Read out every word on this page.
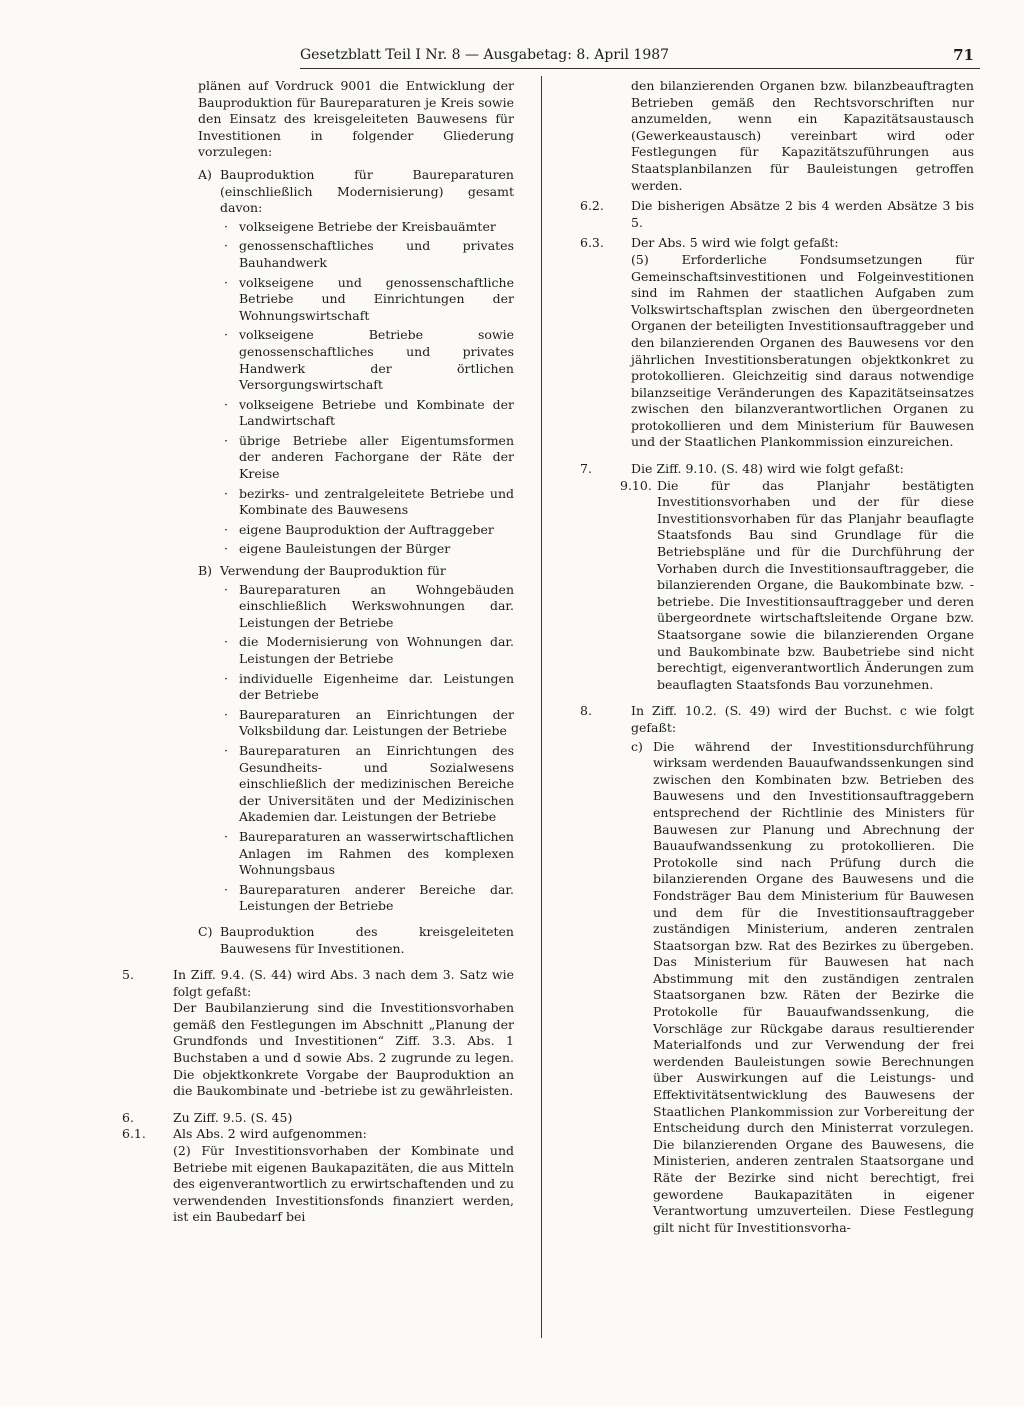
Gesetzblatt Teil I Nr. 8 — Ausgabetag: 8. April 1987	71

plänen auf Vordruck 9001 die Entwicklung der Bauproduktion für Baureparaturen je Kreis sowie den Einsatz des kreisgeleiteten Bauwesens für Investitionen in folgender Gliederung vorzulegen:

A) Bauproduktion für Baureparaturen (einschließlich Modernisierung) gesamt davon:

· volkseigene Betriebe der Kreisbauämter
· genossenschaftliches und privates Bauhandwerk
· volkseigene und genossenschaftliche Betriebe und Einrichtungen der Wohnungswirtschaft
· volkseigene Betriebe sowie genossenschaftliches und privates Handwerk der örtlichen Versorgungswirtschaft
· volkseigene Betriebe und Kombinate der Landwirtschaft
· übrige Betriebe aller Eigentumsformen der anderen Fachorgane der Räte der Kreise
· bezirks- und zentralgeleitete Betriebe und Kombinate des Bauwesens
· eigene Bauproduktion der Auftraggeber
· eigene Bauleistungen der Bürger
B) Verwendung der Bauproduktion für

· Baureparaturen an Wohngebäuden einschließlich Werkswohnungen dar. Leistungen der Betriebe
· die Modernisierung von Wohnungen dar. Leistungen der Betriebe
· individuelle Eigenheime dar. Leistungen der Betriebe
· Baureparaturen an Einrichtungen der Volksbildung dar. Leistungen der Betriebe
· Baureparaturen an Einrichtungen des Gesundheits- und Sozialwesens einschließlich der medizinischen Bereiche der Universitäten und der Medizinischen Akademien dar. Leistungen der Betriebe
· Baureparaturen an wasserwirtschaftlichen Anlagen im Rahmen des komplexen Wohnungsbaus
· Baureparaturen anderer Bereiche dar. Leistungen der Betriebe
C) Bauproduktion des kreisgeleiteten Bauwesens für Investitionen.

5.	In Ziff. 9.4. (S. 44) wird Abs. 3 nach dem 3. Satz wie folgt gefaßt:

Der Baubilanzierung sind die Investitionsvorhaben gemäß den Festlegungen im Abschnitt „Planung der Grundfonds und Investitionen“ Ziff. 3.3. Abs. 1 Buchstaben a und d sowie Abs. 2 zugrunde zu legen. Die objektkonkrete Vorgabe der Bauproduktion an die Baukombinate und -betriebe ist zu gewährleisten.

6.	Zu Ziff. 9.5. (S. 45)

6.1.	Als Abs. 2 wird aufgenommen:

(2) Für Investitionsvorhaben der Kombinate und Betriebe mit eigenen Baukapazitäten, die aus Mitteln des eigenverantwortlich zu erwirtschaftenden und zu verwendenden Investitionsfonds finanziert werden, ist ein Baubedarf bei

den bilanzierenden Organen bzw. bilanzbeauftragten Betrieben gemäß den Rechtsvorschriften nur anzumelden, wenn ein Kapazitätsaustausch (Gewerkeaustausch) vereinbart wird oder Festlegungen für Kapazitätszuführungen aus Staatsplanbilanzen für Bauleistungen getroffen werden.

6.2.	Die bisherigen Absätze 2 bis 4 werden Absätze 3 bis 5.

6.3.	Der Abs. 5 wird wie folgt gefaßt:

(5) Erforderliche Fondsumsetzungen für Gemeinschaftsinvestitionen und Folgeinvestitionen sind im Rahmen der staatlichen Aufgaben zum Volkswirtschaftsplan zwischen den übergeordneten Organen der beteiligten Investitionsauftraggeber und den bilanzierenden Organen des Bauwesens vor den jährlichen Investitionsberatungen objektkonkret zu protokollieren. Gleichzeitig sind daraus notwendige bilanzseitige Veränderungen des Kapazitätseinsatzes zwischen den bilanzverantwortlichen Organen zu protokollieren und dem Ministerium für Bauwesen und der Staatlichen Plankommission einzureichen.

7.	Die Ziff. 9.10. (S. 48) wird wie folgt gefaßt:

9.10. Die für das Planjahr bestätigten Investitionsvorhaben und der für diese Investitionsvorhaben für das Planjahr beauflagte Staatsfonds Bau sind Grundlage für die Betriebspläne und für die Durchführung der Vorhaben durch die Investitionsauftraggeber, die bilanzierenden Organe, die Baukombinate bzw. -betriebe. Die Investitionsauftraggeber und deren übergeordnete wirtschaftsleitende Organe bzw. Staatsorgane sowie die bilanzierenden Organe und Baukombinate bzw. Baubetriebe sind nicht berechtigt, eigenverantwortlich Änderungen zum beauflagten Staatsfonds Bau vorzunehmen.

8.	In Ziff. 10.2. (S. 49) wird der Buchst. c wie folgt gefaßt:

c) Die während der Investitionsdurchführung wirksam werdenden Bauaufwandssenkungen sind zwischen den Kombinaten bzw. Betrieben des Bauwesens und den Investitionsauftraggebern entsprechend der Richtlinie des Ministers für Bauwesen zur Planung und Abrechnung der Bauaufwandssenkung zu protokollieren. Die Protokolle sind nach Prüfung durch die bilanzierenden Organe des Bauwesens und die Fondsträger Bau dem Ministerium für Bauwesen und dem für die Investitionsauftraggeber zuständigen Ministerium, anderen zentralen Staatsorgan bzw. Rat des Bezirkes zu übergeben. Das Ministerium für Bauwesen hat nach Abstimmung mit den zuständigen zentralen Staatsorganen bzw. Räten der Bezirke die Protokolle für Bauaufwandssenkung, die Vorschläge zur Rückgabe daraus resultierender Materialfonds und zur Verwendung der frei werdenden Bauleistungen sowie Berechnungen über Auswirkungen auf die Leistungs- und Effektivitätsentwicklung des Bauwesens der Staatlichen Plankommission zur Vorbereitung der Entscheidung durch den Ministerrat vorzulegen. Die bilanzierenden Organe des Bauwesens, die Ministerien, anderen zentralen Staatsorgane und Räte der Bezirke sind nicht berechtigt, frei gewordene Baukapazitäten in eigener Verantwortung umzuverteilen. Diese Festlegung gilt nicht für Investitionsvorha-
